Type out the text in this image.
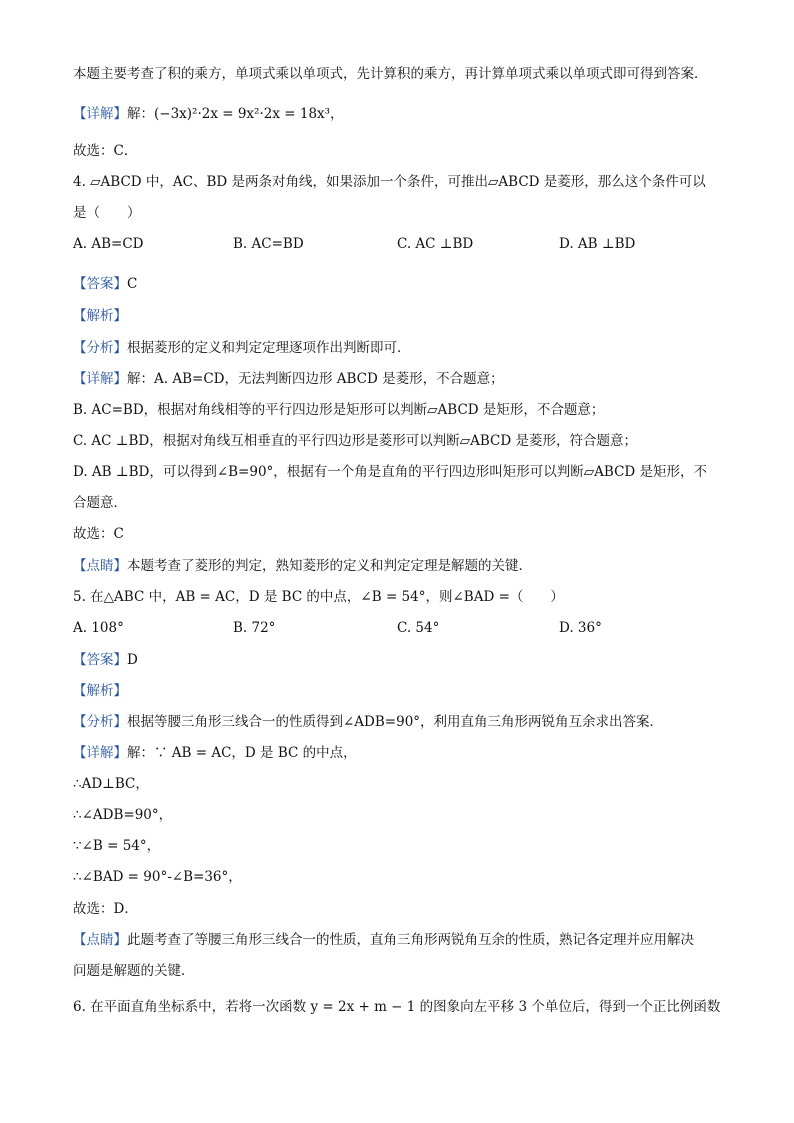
本题主要考查了积的乘方，单项式乘以单项式，先计算积的乘方，再计算单项式乘以单项式即可得到答案．
【详解】解：(−3x)²·2x = 9x²·2x = 18x³，
故选：C．
4. ▱ABCD 中，AC、BD 是两条对角线，如果添加一个条件，可推出▱ABCD 是菱形，那么这个条件可以
是（　　）
A. AB=CD	B. AC=BD	C. AC ⊥BD	D. AB ⊥BD
【答案】C
【解析】
【分析】根据菱形的定义和判定定理逐项作出判断即可．
【详解】解：A. AB=CD，无法判断四边形 ABCD 是菱形，不合题意；
B. AC=BD，根据对角线相等的平行四边形是矩形可以判断▱ABCD 是矩形，不合题意；
C. AC ⊥BD，根据对角线互相垂直的平行四边形是菱形可以判断▱ABCD 是菱形，符合题意；
D. AB ⊥BD，可以得到∠B=90°，根据有一个角是直角的平行四边形叫矩形可以判断▱ABCD 是矩形，不
合题意．
故选：C
【点睛】本题考查了菱形的判定，熟知菱形的定义和判定定理是解题的关键．
5. 在△ABC 中，AB = AC，D 是 BC 的中点，∠B = 54°，则∠BAD =（　　）
A. 108°	B. 72°	C. 54°	D. 36°
【答案】D
【解析】
【分析】根据等腰三角形三线合一的性质得到∠ADB=90°，利用直角三角形两锐角互余求出答案．
【详解】解：∵ AB = AC，D 是 BC 的中点，
∴AD⊥BC，
∴∠ADB=90°，
∵∠B = 54°，
∴∠BAD = 90°-∠B=36°，
故选：D．
【点睛】此题考查了等腰三角形三线合一的性质，直角三角形两锐角互余的性质，熟记各定理并应用解决
问题是解题的关键．
6. 在平面直角坐标系中，若将一次函数 y = 2x + m − 1 的图象向左平移 3 个单位后，得到一个正比例函数
